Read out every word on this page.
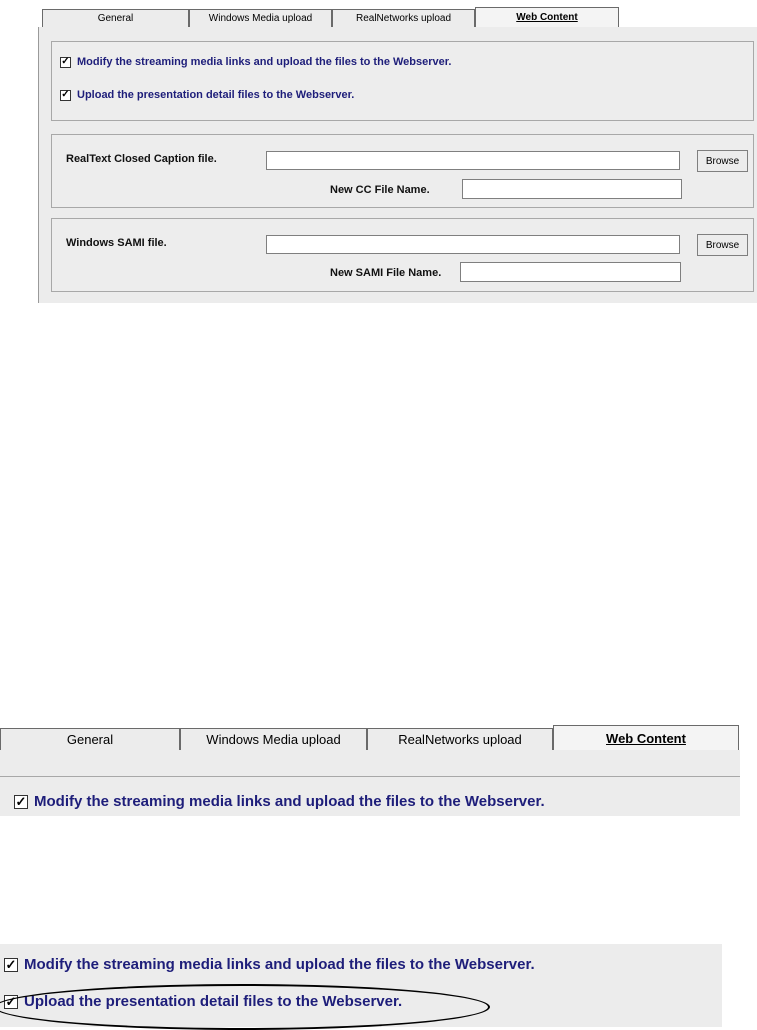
General	Windows Media upload	RealNetworks upload	Web Content
✓ Modify the streaming media links and upload the files to the Webserver.
✓ Upload the presentation detail files to the Webserver.
RealText Closed Caption file.	Browse
New CC File Name.
Windows SAMI file.	Browse
New SAMI File Name.
General	Windows Media upload	RealNetworks upload	Web Content
✓ Modify the streaming media links and upload the files to the Webserver.
✓ Modify the streaming media links and upload the files to the Webserver.
✓ Upload the presentation detail files to the Webserver.
